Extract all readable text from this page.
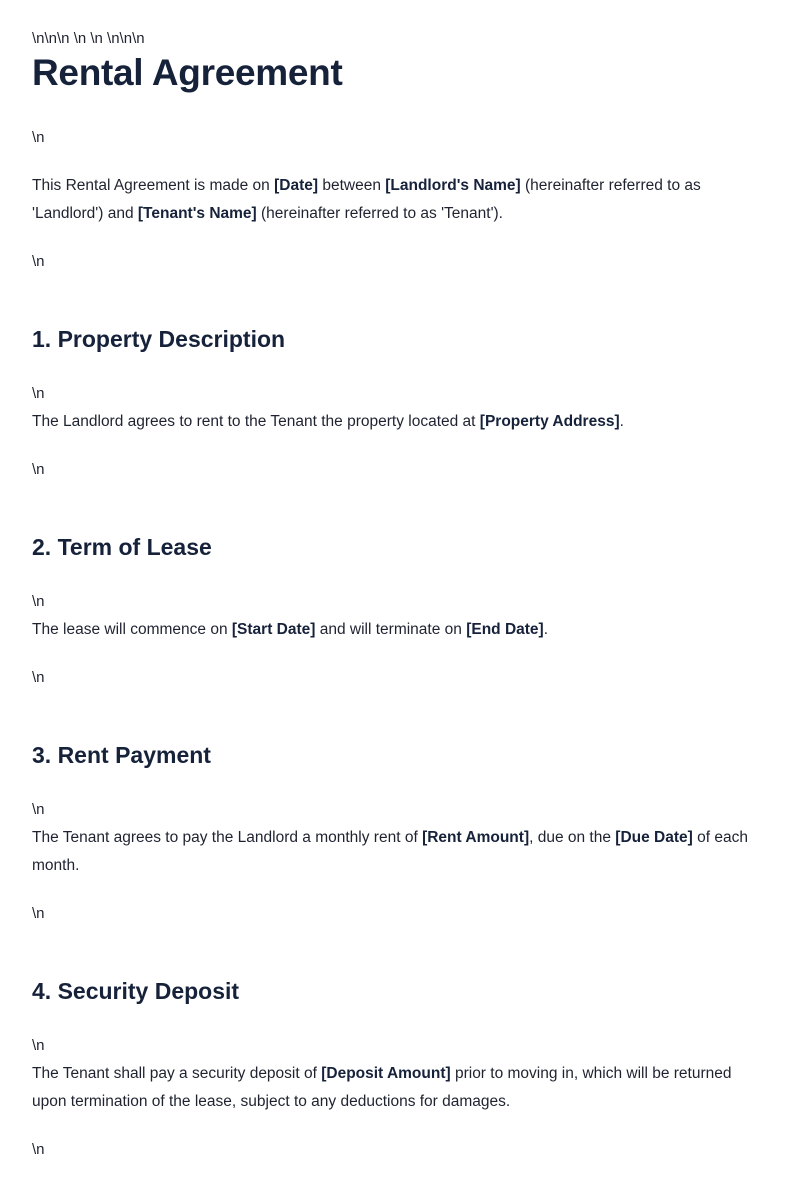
\n\n\n \n \n \n\n\n

Rental Agreement

\n

This Rental Agreement is made on [Date] between [Landlord's Name] (hereinafter referred to as 'Landlord') and [Tenant's Name] (hereinafter referred to as 'Tenant').

\n

1. Property Description

\n

The Landlord agrees to rent to the Tenant the property located at [Property Address].

\n

2. Term of Lease

\n

The lease will commence on [Start Date] and will terminate on [End Date].

\n

3. Rent Payment

\n

The Tenant agrees to pay the Landlord a monthly rent of [Rent Amount], due on the [Due Date] of each month.

\n

4. Security Deposit

\n

The Tenant shall pay a security deposit of [Deposit Amount] prior to moving in, which will be returned upon termination of the lease, subject to any deductions for damages.

\n
